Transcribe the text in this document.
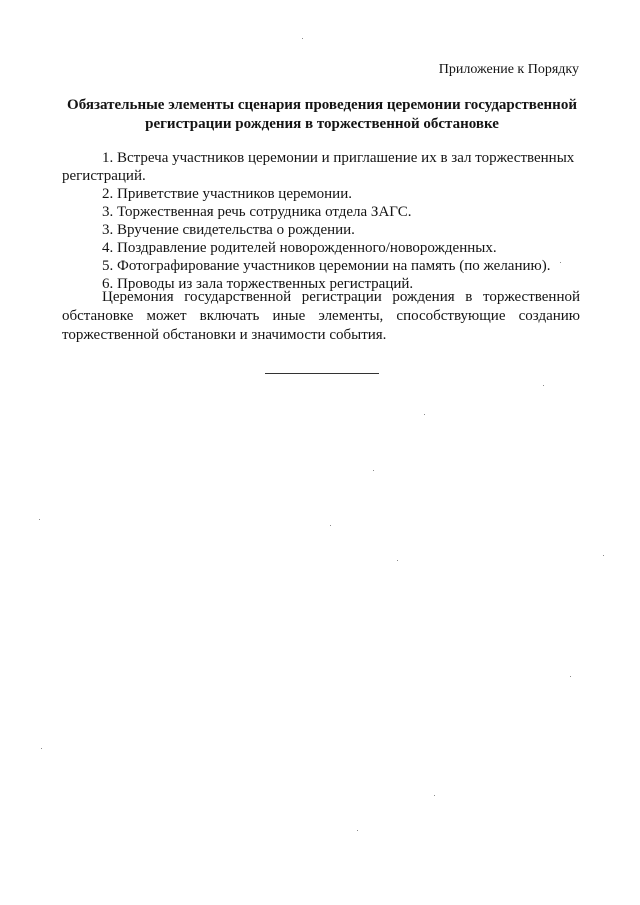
Приложение к Порядку
Обязательные элементы сценария проведения церемонии государственной
регистрации рождения в торжественной обстановке
1. Встреча участников церемонии и приглашение их в зал торжественных регистраций.
2. Приветствие участников церемонии.
3. Торжественная речь сотрудника отдела ЗАГС.
3. Вручение свидетельства о рождении.
4. Поздравление родителей новорожденного/новорожденных.
5. Фотографирование участников церемонии на память (по желанию).
6. Проводы из зала торжественных регистраций.
Церемония государственной регистрации рождения в торжественной
обстановке может включать иные элементы, способствующие созданию
торжественной обстановки и значимости события.
